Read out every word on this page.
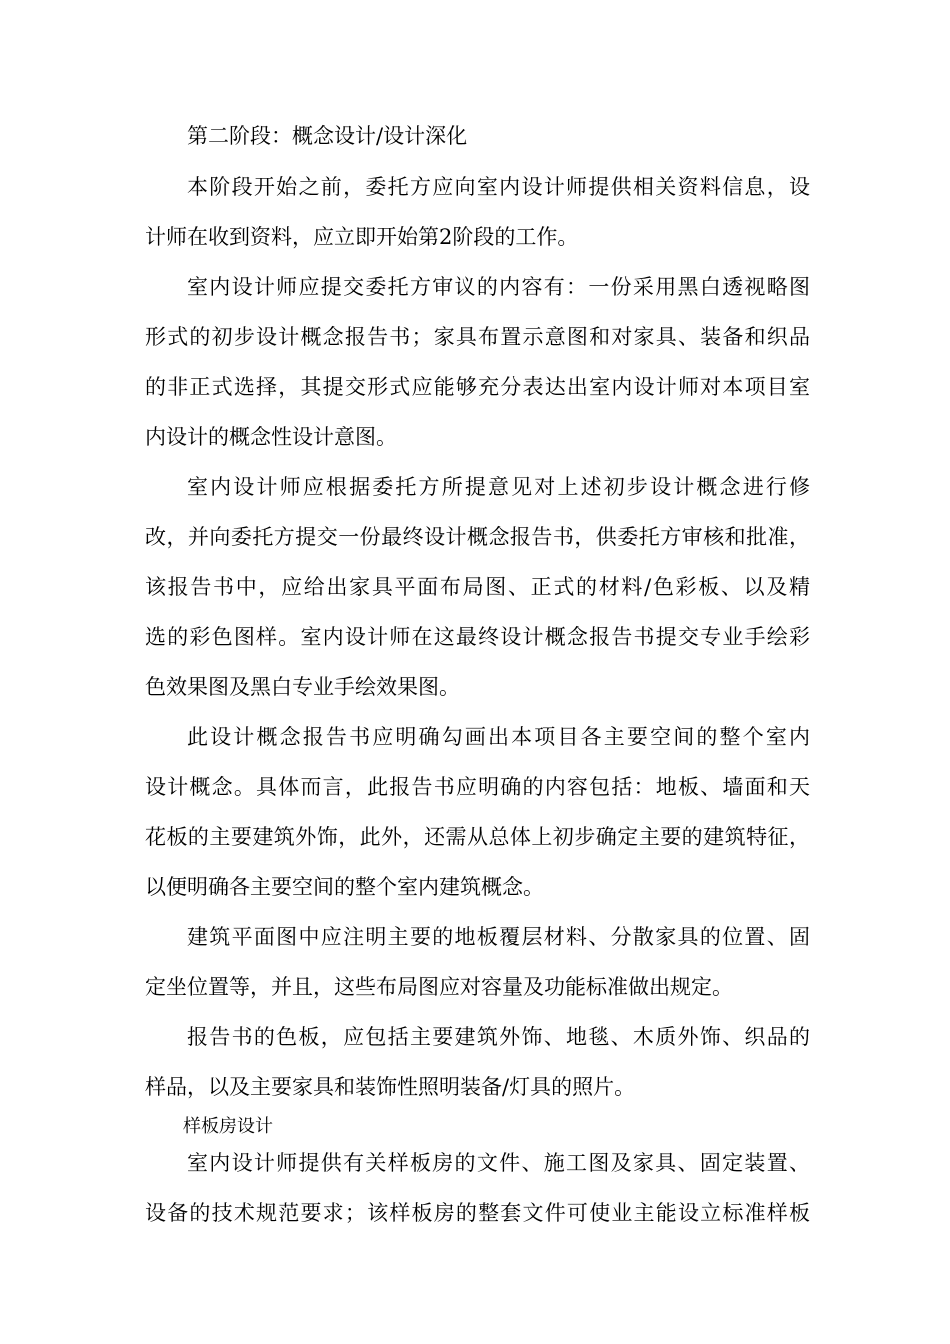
第二阶段：概念设计/设计深化
本阶段开始之前，委托方应向室内设计师提供相关资料信息，设
计师在收到资料，应立即开始第2阶段的工作。
室内设计师应提交委托方审议的内容有：一份采用黑白透视略图
形式的初步设计概念报告书；家具布置示意图和对家具、装备和织品
的非正式选择，其提交形式应能够充分表达出室内设计师对本项目室
内设计的概念性设计意图。
室内设计师应根据委托方所提意见对上述初步设计概念进行修
改，并向委托方提交一份最终设计概念报告书，供委托方审核和批准，
该报告书中，应给出家具平面布局图、正式的材料/色彩板、以及精
选的彩色图样。室内设计师在这最终设计概念报告书提交专业手绘彩
色效果图及黑白专业手绘效果图。
此设计概念报告书应明确勾画出本项目各主要空间的整个室内
设计概念。具体而言，此报告书应明确的内容包括：地板、墙面和天
花板的主要建筑外饰，此外，还需从总体上初步确定主要的建筑特征，
以便明确各主要空间的整个室内建筑概念。
建筑平面图中应注明主要的地板覆层材料、分散家具的位置、固
定坐位置等，并且，这些布局图应对容量及功能标准做出规定。
报告书的色板，应包括主要建筑外饰、地毯、木质外饰、织品的
样品，以及主要家具和装饰性照明装备/灯具的照片。
样板房设计
室内设计师提供有关样板房的文件、施工图及家具、固定装置、
设备的技术规范要求；该样板房的整套文件可使业主能设立标准样板
